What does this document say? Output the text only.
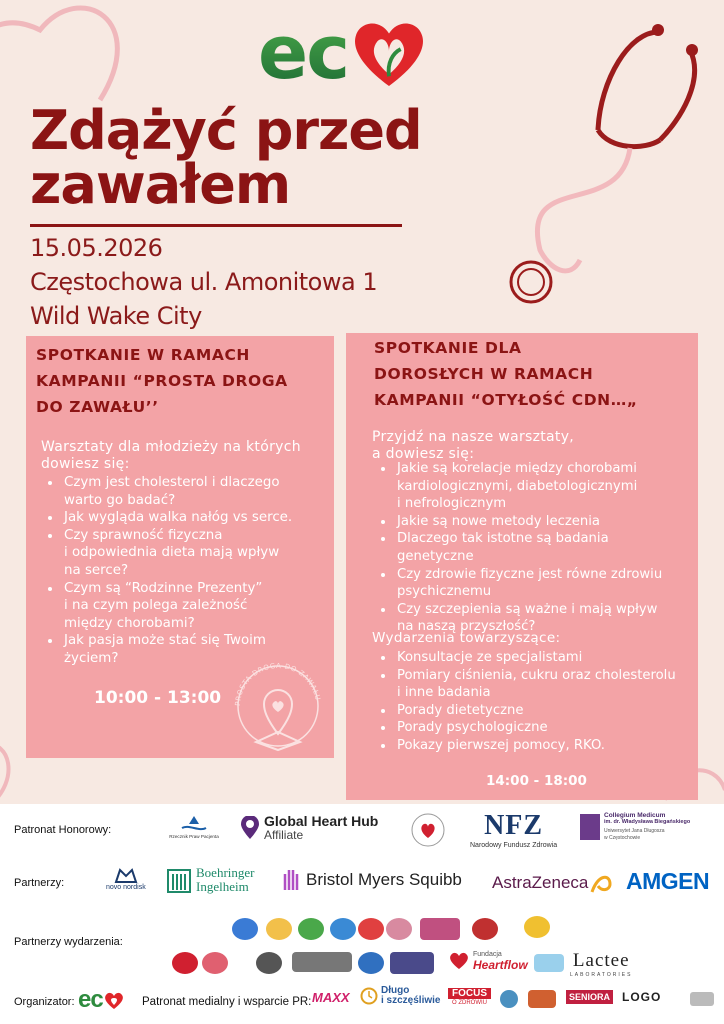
ec
Zdążyć przed
zawałem
15.05.2026
Częstochowa ul. Amonitowa 1
Wild Wake City
SPOTKANIE W RAMACH
KAMPANII “PROSTA DROGA
DO ZAWAŁU’’
Warsztaty dla młodzieży na których
dowiesz się:
Czym jest cholesterol i dlaczego
warto go badać?
Jak wygląda walka nałóg vs serce.
Czy sprawność fizyczna
i odpowiednia dieta mają wpływ
na serce?
Czym są “Rodzinne Prezenty”
i na czym polega zależność
między chorobami?
Jak pasja może stać się Twoim
życiem?
10:00 - 13:00 PROSTA DROGA DO ZAWAŁU
SPOTKANIE DLA
DOROSŁYCH W RAMACH
KAMPANII “OTYŁOŚĆ CDN…„
Przyjdź na nasze warsztaty,
a dowiesz się:
Jakie są korelacje między chorobami
kardiologicznymi, diabetologicznymi
i nefrologicznym
Jakie są nowe metody leczenia
Dlaczego tak istotne są badania
genetyczne
Czy zdrowie fizyczne jest równe zdrowiu
psychicznemu
Czy szczepienia są ważne i mają wpływ
na naszą przyszłość?
Wydarzenia towarzyszące:
Konsultacje ze specjalistami
Pomiary ciśnienia, cukru oraz cholesterolu
i inne badania
Porady dietetyczne
Porady psychologiczne
Pokazy pierwszej pomocy, RKO.
14:00 - 18:00
Patronat Honorowy:
Rzecznik Praw Pacjenta
Global Heart Hub
Affiliate	NFZ
Narodowy Fundusz Zdrowia
Collegium Medicum
im. dr. Władysława Biegańskiego
Uniwersytet Jana Długosza
w Częstochowie
Partnerzy:	novo nordisk
Boehringer
Ingelheim	Bristol Myers Squibb AstraZeneca AMGEN
Partnerzy wydarzenia:
Fundacja
Heartflow Lactee
LABORATORIES
Organizator: ec	Patronat medialny i wsparcie PR: MAXX	Długo
i szczęśliwie
FOCUS
O ZDROWIU
SENIORA LOGO
